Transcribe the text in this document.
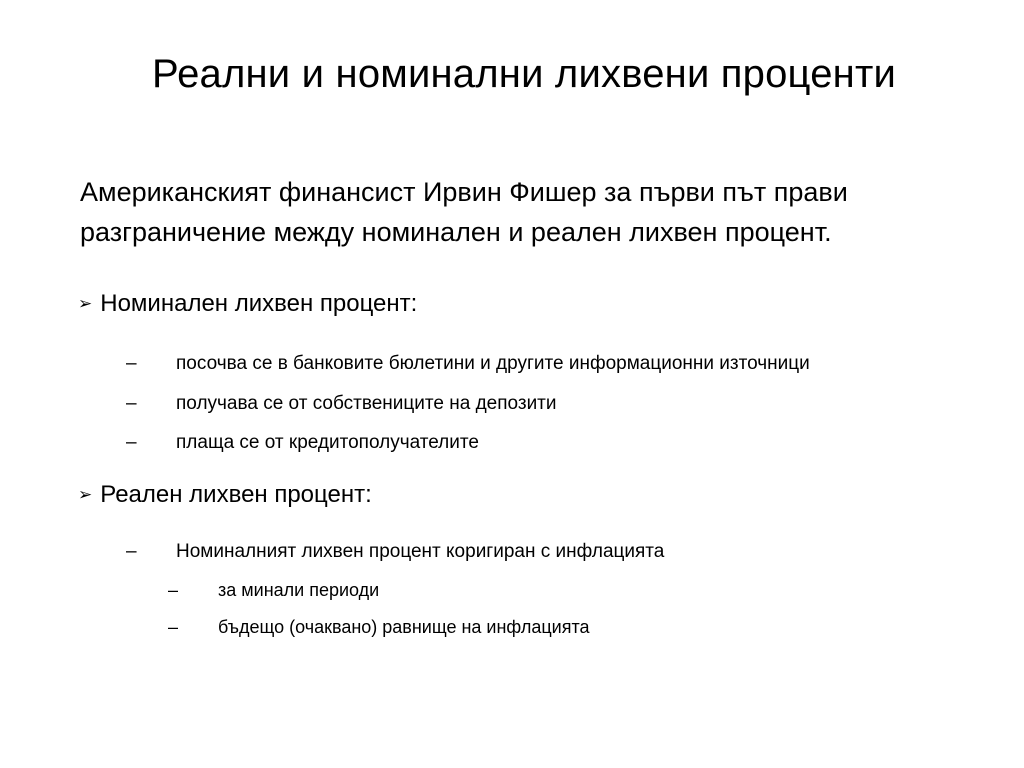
Реални и номинални лихвени проценти
Американският финансист Ирвин Фишер за първи път прави
разграничение между номинален и реален лихвен процент.
➢ Номинален лихвен процент:
– посочва се в банковите бюлетини и другите информационни източници
– получава се от собствениците на депозити
– плаща се от кредитополучателите
➢ Реален лихвен процент:
– Номиналният лихвен процент коригиран с инфлацията
– за минали периоди
– бъдещо (очаквано) равнище на инфлацията
